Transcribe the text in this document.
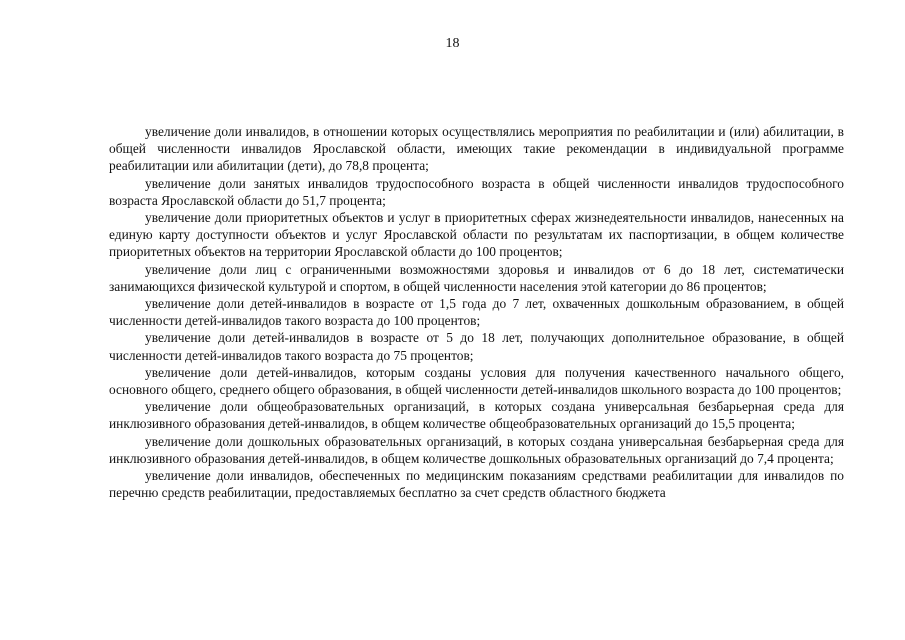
18

увеличение доли инвалидов, в отношении которых осуществлялись мероприятия по реабилитации и (или) абилитации, в общей численности инвалидов Ярославской области, имеющих такие рекомендации в индивидуальной программе реабилитации или абилитации (дети), до 78,8 процента;

увеличение доли занятых инвалидов трудоспособного возраста в общей численности инвалидов трудоспособного возраста Ярославской области до 51,7 процента;

увеличение доли приоритетных объектов и услуг в приоритетных сферах жизнедеятельности инвалидов, нанесенных на единую карту доступности объектов и услуг Ярославской области по результатам их паспортизации, в общем количестве приоритетных объектов на территории Ярославской области до 100 процентов;

увеличение доли лиц с ограниченными возможностями здоровья и инвалидов от 6 до 18 лет, систематически занимающихся физической культурой и спортом, в общей численности населения этой категории до 86 процентов;

увеличение доли детей-инвалидов в возрасте от 1,5 года до 7 лет, охваченных дошкольным образованием, в общей численности детей-инвалидов такого возраста до 100 процентов;

увеличение доли детей-инвалидов в возрасте от 5 до 18 лет, получающих дополнительное образование, в общей численности детей-инвалидов такого возраста до 75 процентов;

увеличение доли детей-инвалидов, которым созданы условия для получения качественного начального общего, основного общего, среднего общего образования, в общей численности детей-инвалидов школьного возраста до 100 процентов;

увеличение доли общеобразовательных организаций, в которых создана универсальная безбарьерная среда для инклюзивного образования детей-инвалидов, в общем количестве общеобразовательных организаций до 15,5 процента;

увеличение доли дошкольных образовательных организаций, в которых создана универсальная безбарьерная среда для инклюзивного образования детей-инвалидов, в общем количестве дошкольных образовательных организаций до 7,4 процента;

увеличение доли инвалидов, обеспеченных по медицинским показаниям средствами реабилитации для инвалидов по перечню средств реабилитации, предоставляемых бесплатно за счет средств областного бюджета
